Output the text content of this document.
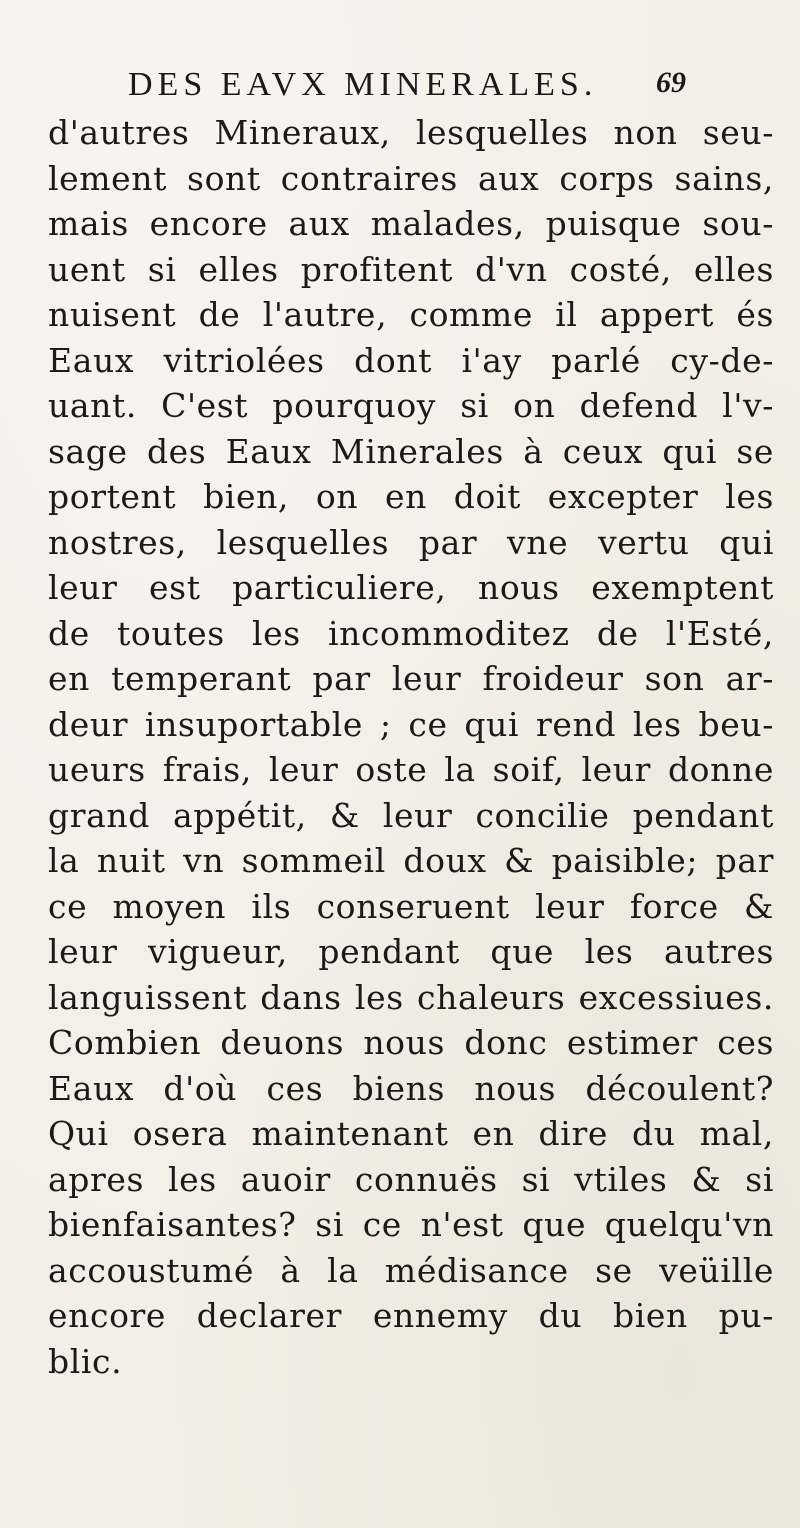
DES EAVX MINERALES.	69
d'autres Mineraux, lesquelles non seu-
lement sont contraires aux corps sains,
mais encore aux malades, puisque sou-
uent si elles profitent d'vn costé, elles
nuisent de l'autre, comme il appert és
Eaux vitriolées dont i'ay parlé cy-de-
uant. C'est pourquoy si on defend l'v-
sage des Eaux Minerales à ceux qui se
portent bien, on en doit excepter les
nostres, lesquelles par vne vertu qui
leur est particuliere, nous exemptent
de toutes les incommoditez de l'Esté,
en temperant par leur froideur son ar-
deur insuportable ; ce qui rend les beu-
ueurs frais, leur oste la soif, leur donne
grand appétit, & leur concilie pendant
la nuit vn sommeil doux & paisible; par
ce moyen ils conseruent leur force &
leur vigueur, pendant que les autres
languissent dans les chaleurs excessiues.
Combien deuons nous donc estimer ces
Eaux d'où ces biens nous découlent?
Qui osera maintenant en dire du mal,
apres les auoir connuës si vtiles & si
bienfaisantes? si ce n'est que quelqu'vn
accoustumé à la médisance se veüille
encore declarer ennemy du bien pu-
blic.
